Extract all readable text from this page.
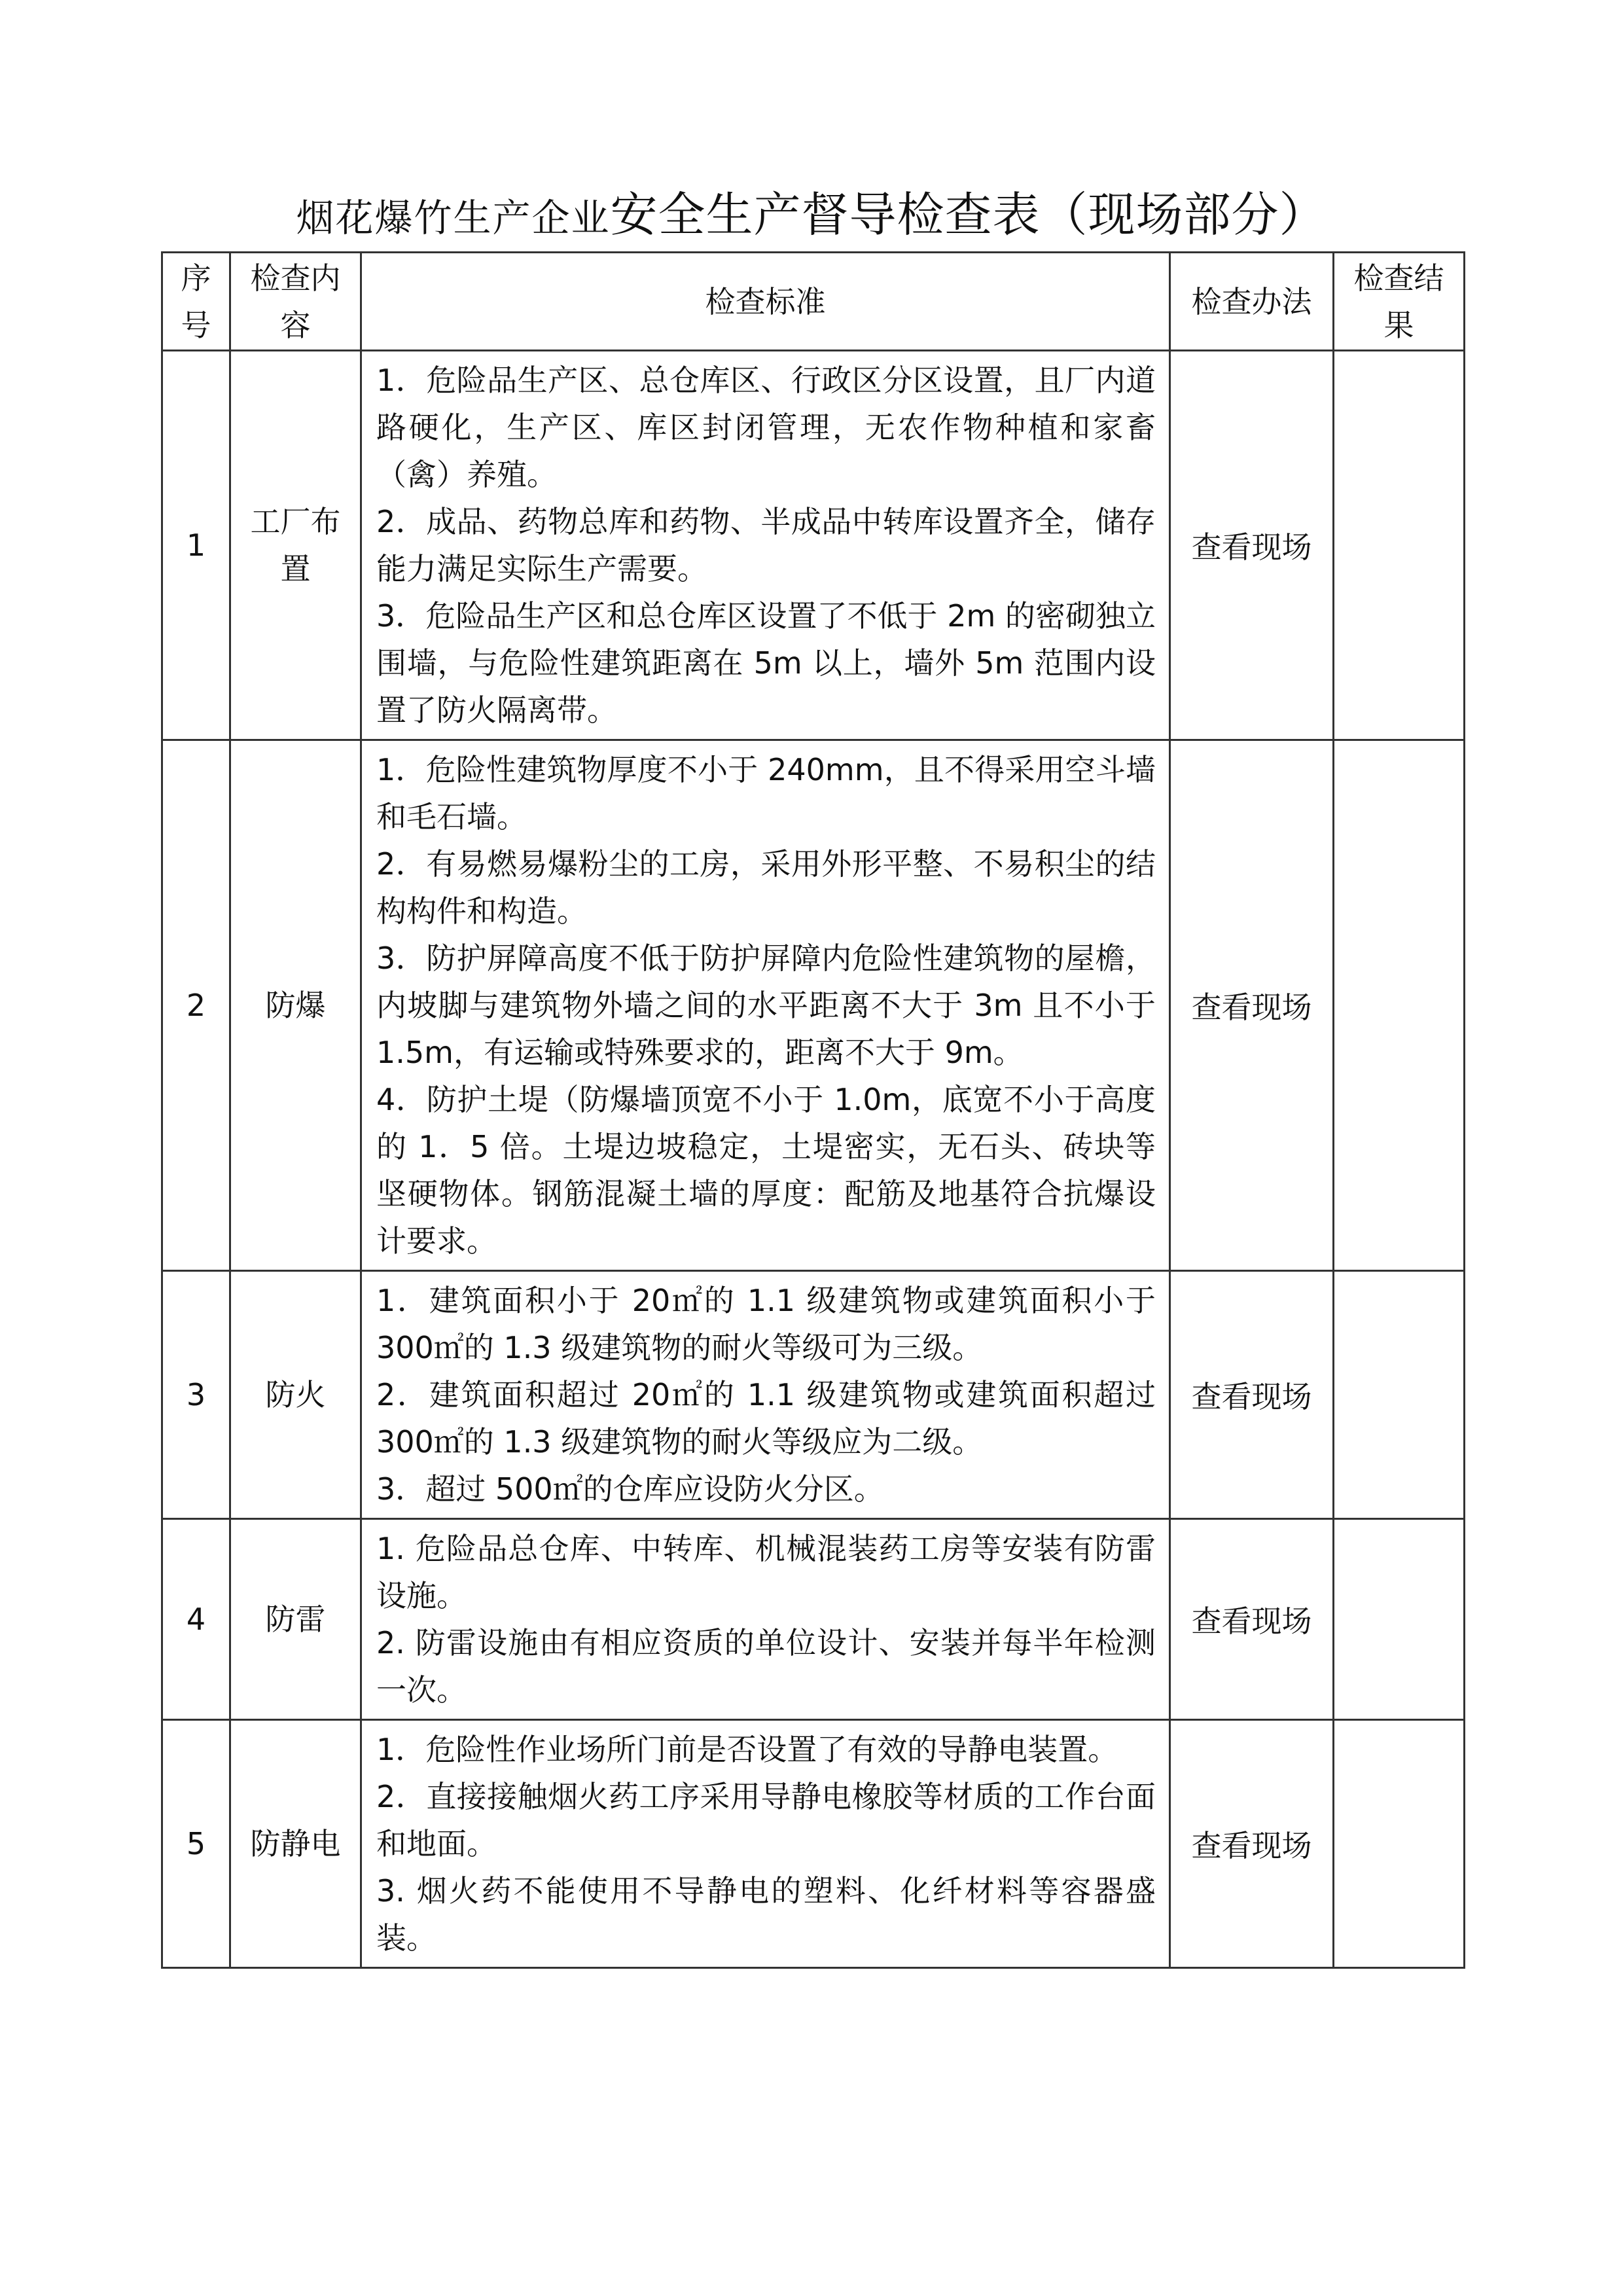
烟花爆竹生产企业安全生产督导检查表（现场部分）
序号	检查内容	检查标准	检查办法	检查结果

1	工厂布置	1．危险品生产区、总仓库区、行政区分区设置，且厂内道路硬化，生产区、库区封闭管理，无农作物种植和家畜（禽）养殖。

2．成品、药物总库和药物、半成品中转库设置齐全，储存能力满足实际生产需要。

3．危险品生产区和总仓库区设置了不低于 2m 的密砌独立围墙，与危险性建筑距离在 5m 以上，墙外 5m 范围内设置了防火隔离带。	查看现场	
2	防爆	1．危险性建筑物厚度不小于 240mm，且不得采用空斗墙和毛石墙。

2．有易燃易爆粉尘的工房，采用外形平整、不易积尘的结构构件和构造。

3．防护屏障高度不低于防护屏障内危险性建筑物的屋檐，内坡脚与建筑物外墙之间的水平距离不大于 3m 且不小于 1.5m，有运输或特殊要求的，距离不大于 9m。

4．防护土堤（防爆墙顶宽不小于 1.0m，底宽不小于高度的 1．5 倍。土堤边坡稳定，土堤密实，无石头、砖块等坚硬物体。钢筋混凝土墙的厚度：配筋及地基符合抗爆设计要求。	查看现场	
3	防火	1．建筑面积小于 20㎡的 1.1 级建筑物或建筑面积小于 300㎡的 1.3 级建筑物的耐火等级可为三级。

2．建筑面积超过 20㎡的 1.1 级建筑物或建筑面积超过 300㎡的 1.3 级建筑物的耐火等级应为二级。

3．超过 500㎡的仓库应设防火分区。	查看现场	
4	防雷	1. 危险品总仓库、中转库、机械混装药工房等安装有防雷设施。

2. 防雷设施由有相应资质的单位设计、安装并每半年检测一次。	查看现场	
5	防静电	1．危险性作业场所门前是否设置了有效的导静电装置。

2．直接接触烟火药工序采用导静电橡胶等材质的工作台面和地面。

3. 烟火药不能使用不导静电的塑料、化纤材料等容器盛装。	查看现场	
